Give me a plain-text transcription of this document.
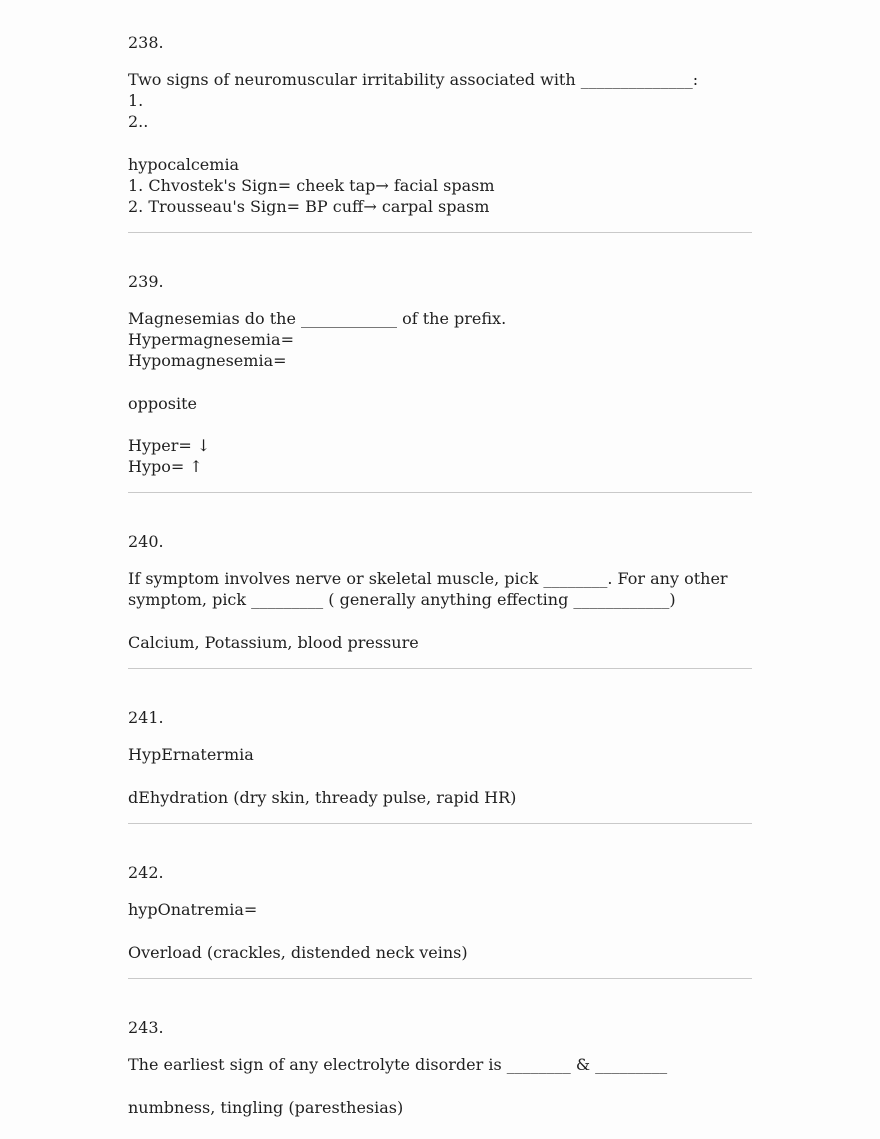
238.
Two signs of neuromuscular irritability associated with ______________:
1.
2..
hypocalcemia
1. Chvostek's Sign= cheek tap→ facial spasm
2. Trousseau's Sign= BP cuff→ carpal spasm
239.
Magnesemias do the ____________ of the prefix.
Hypermagnesemia=
Hypomagnesemia=
opposite
Hyper= ↓
Hypo= ↑
240.
If symptom involves nerve or skeletal muscle, pick ________. For any other symptom, pick _________ ( generally anything effecting ____________)
Calcium, Potassium, blood pressure
241.
HypErnatermia
dEhydration (dry skin, thready pulse, rapid HR)
242.
hypOnatremia=
Overload (crackles, distended neck veins)
243.
The earliest sign of any electrolyte disorder is ________ & _________
numbness, tingling (paresthesias)
